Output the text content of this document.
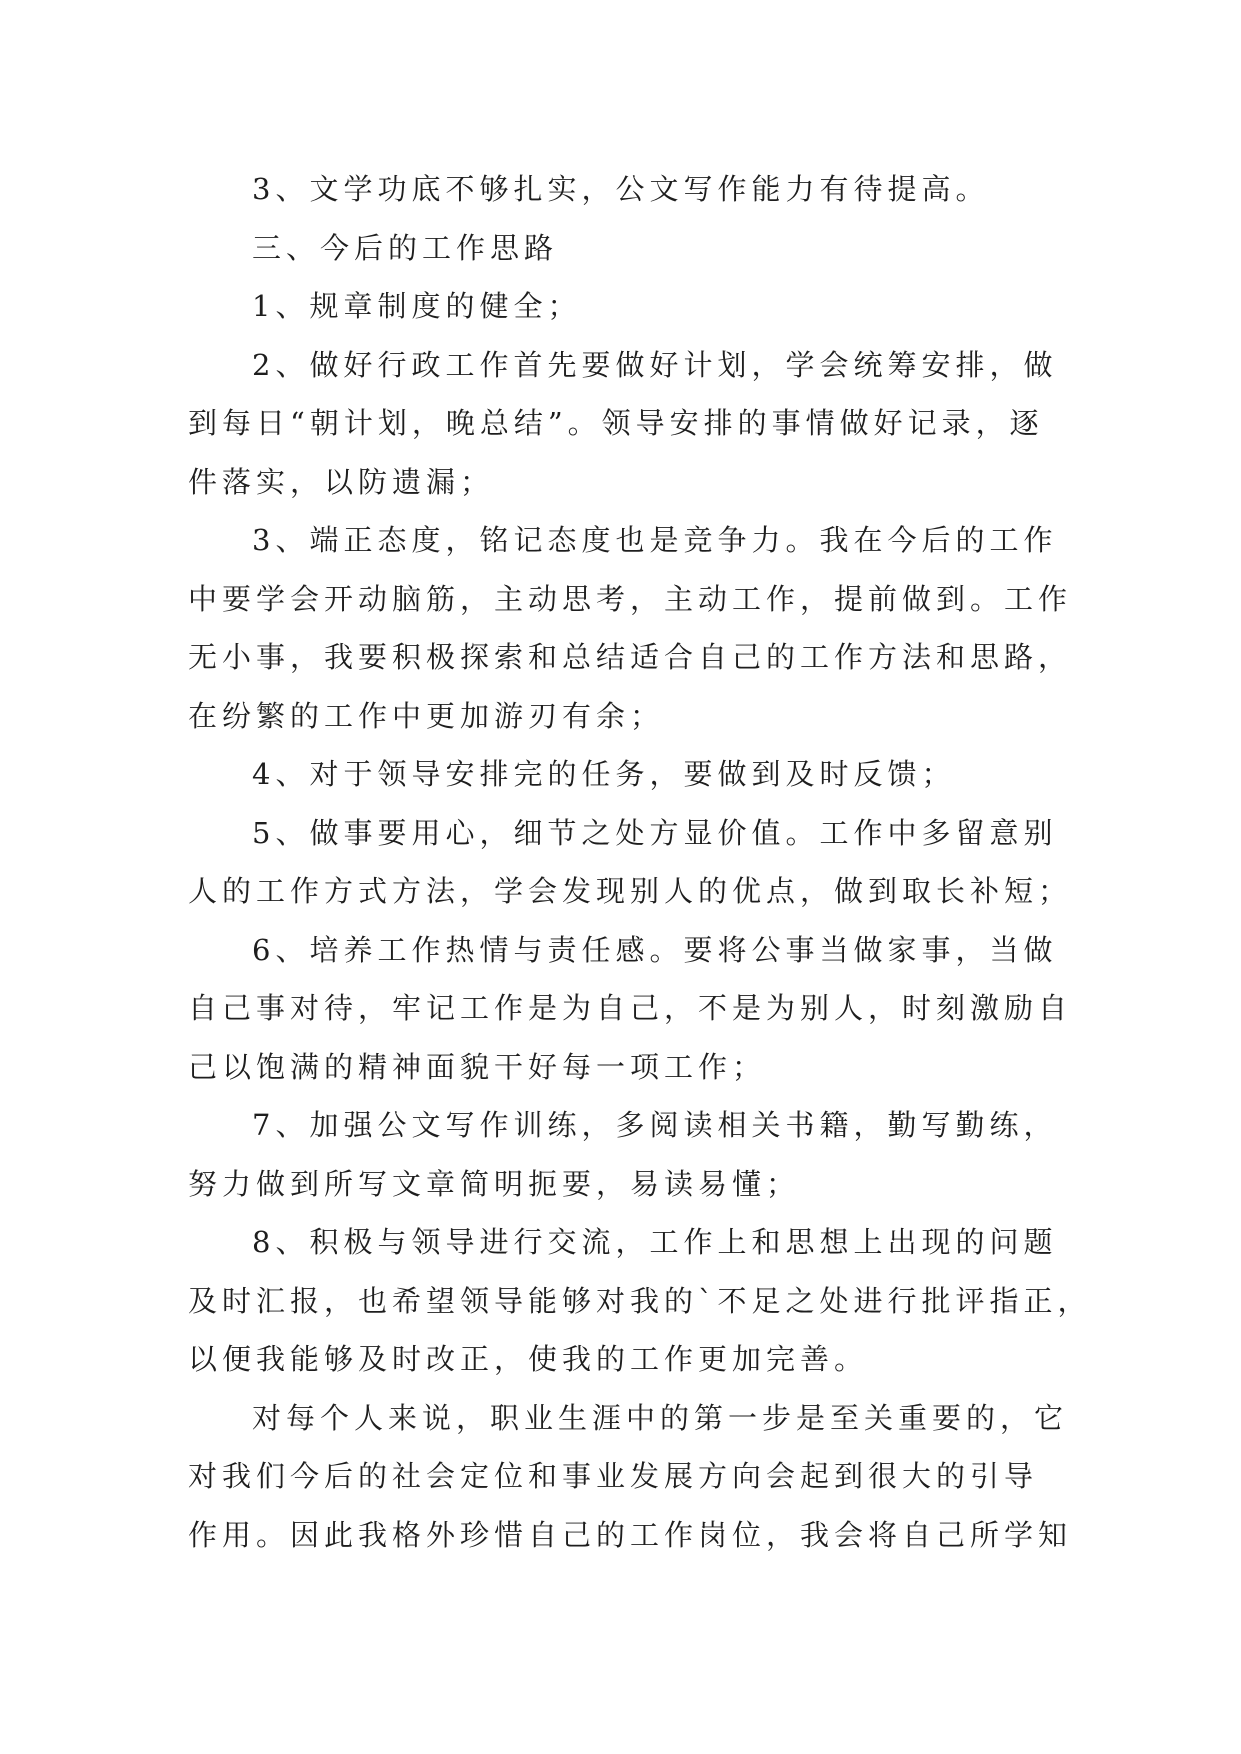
3、文学功底不够扎实，公文写作能力有待提高。
三、今后的工作思路
1、规章制度的健全；
2、做好行政工作首先要做好计划，学会统筹安排，做
到每日“朝计划，晚总结”。领导安排的事情做好记录，逐
件落实，以防遗漏；
3、端正态度，铭记态度也是竞争力。我在今后的工作
中要学会开动脑筋，主动思考，主动工作，提前做到。工作
无小事，我要积极探索和总结适合自己的工作方法和思路，
在纷繁的工作中更加游刃有余；
4、对于领导安排完的任务，要做到及时反馈；
5、做事要用心，细节之处方显价值。工作中多留意别
人的工作方式方法，学会发现别人的优点，做到取长补短；
6、培养工作热情与责任感。要将公事当做家事，当做
自己事对待，牢记工作是为自己，不是为别人，时刻激励自
己以饱满的精神面貌干好每一项工作；
7、加强公文写作训练，多阅读相关书籍，勤写勤练，
努力做到所写文章简明扼要，易读易懂；
8、积极与领导进行交流，工作上和思想上出现的问题
及时汇报，也希望领导能够对我的`不足之处进行批评指正，
以便我能够及时改正，使我的工作更加完善。
对每个人来说，职业生涯中的第一步是至关重要的，它
对我们今后的社会定位和事业发展方向会起到很大的引导
作用。因此我格外珍惜自己的工作岗位，我会将自己所学知
